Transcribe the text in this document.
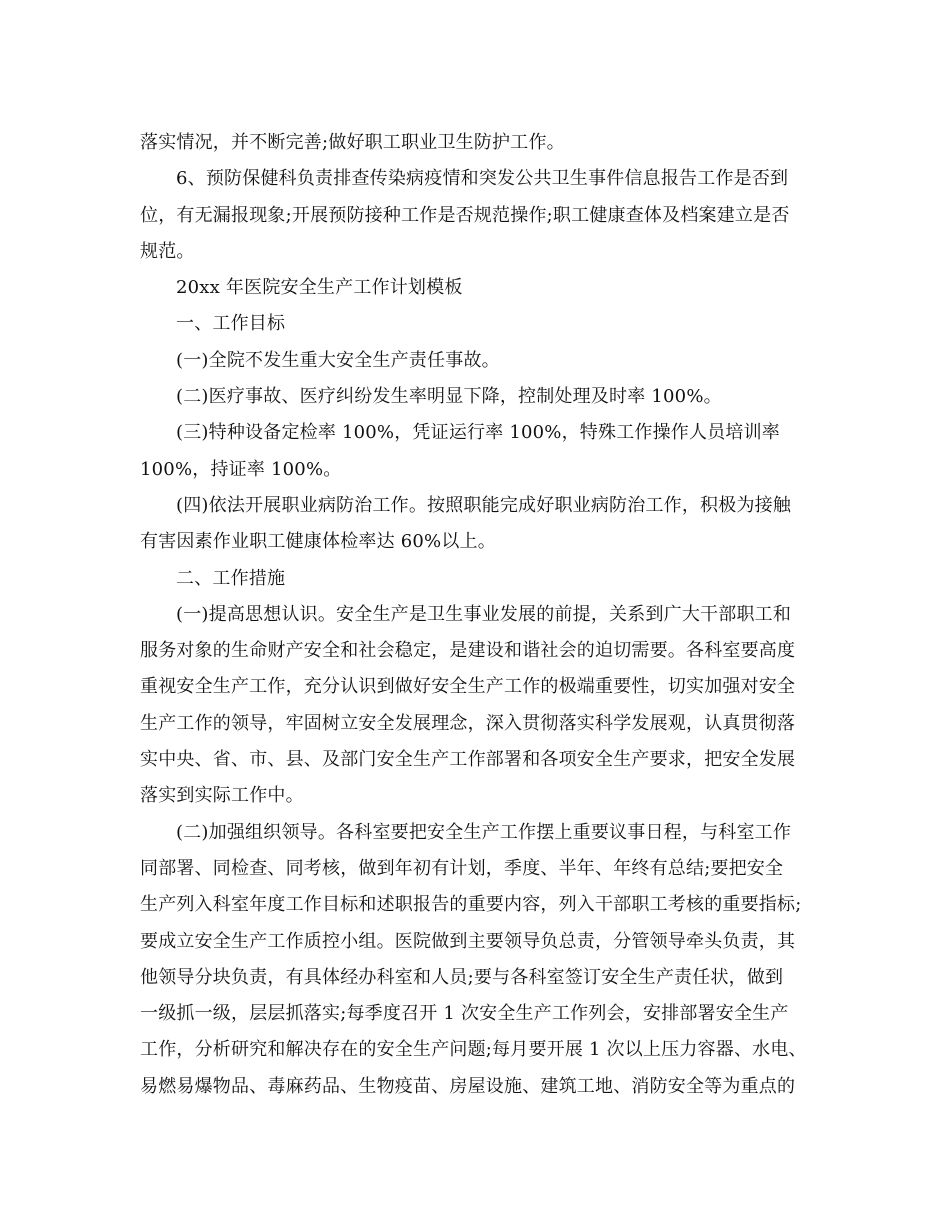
落实情况，并不断完善;做好职工职业卫生防护工作。
6、预防保健科负责排查传染病疫情和突发公共卫生事件信息报告工作是否到
位，有无漏报现象;开展预防接种工作是否规范操作;职工健康查体及档案建立是否
规范。
20xx 年医院安全生产工作计划模板
一、工作目标
(一)全院不发生重大安全生产责任事故。
(二)医疗事故、医疗纠纷发生率明显下降，控制处理及时率 100%。
(三)特种设备定检率 100%，凭证运行率 100%，特殊工作操作人员培训率
100%，持证率 100%。
(四)依法开展职业病防治工作。按照职能完成好职业病防治工作，积极为接触
有害因素作业职工健康体检率达 60%以上。
二、工作措施
(一)提高思想认识。安全生产是卫生事业发展的前提，关系到广大干部职工和
服务对象的生命财产安全和社会稳定，是建设和谐社会的迫切需要。各科室要高度
重视安全生产工作，充分认识到做好安全生产工作的极端重要性，切实加强对安全
生产工作的领导，牢固树立安全发展理念，深入贯彻落实科学发展观，认真贯彻落
实中央、省、市、县、及部门安全生产工作部署和各项安全生产要求，把安全发展
落实到实际工作中。
(二)加强组织领导。各科室要把安全生产工作摆上重要议事日程，与科室工作
同部署、同检查、同考核，做到年初有计划，季度、半年、年终有总结;要把安全
生产列入科室年度工作目标和述职报告的重要内容，列入干部职工考核的重要指标;
要成立安全生产工作质控小组。医院做到主要领导负总责，分管领导牵头负责，其
他领导分块负责，有具体经办科室和人员;要与各科室签订安全生产责任状，做到
一级抓一级，层层抓落实;每季度召开 1 次安全生产工作列会，安排部署安全生产
工作，分析研究和解决存在的安全生产问题;每月要开展 1 次以上压力容器、水电、
易燃易爆物品、毒麻药品、生物疫苗、房屋设施、建筑工地、消防安全等为重点的
